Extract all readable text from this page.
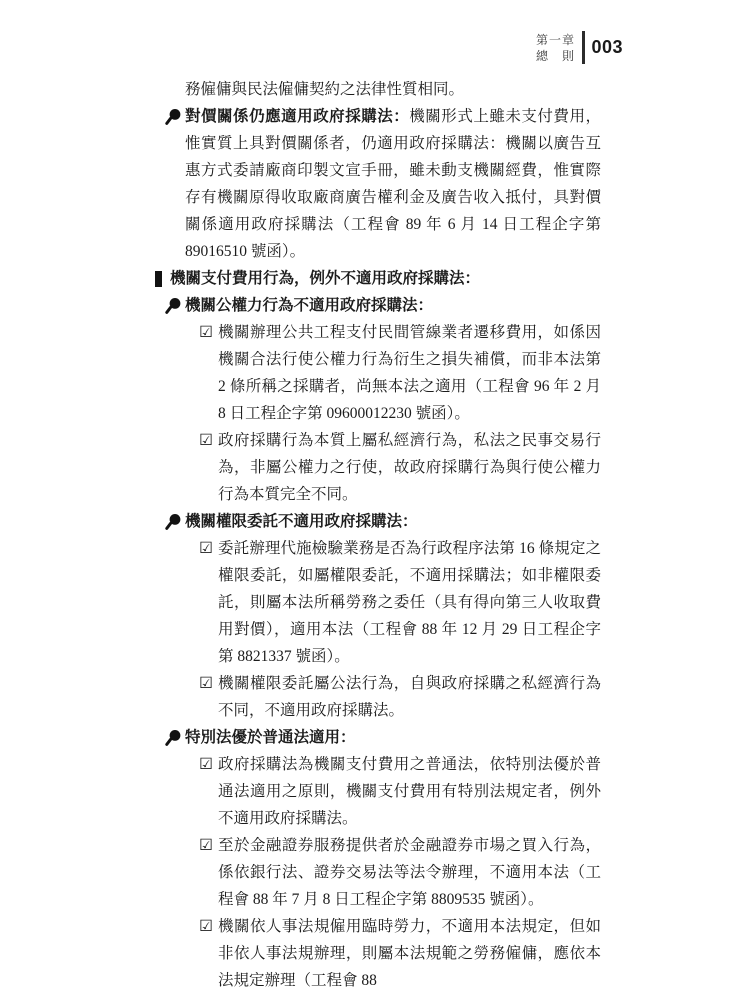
第一章
總　則 003
務僱傭與民法僱傭契約之法律性質相同。
對價關係仍應適用政府採購法：機關形式上雖未支付費用，惟實質上具對價關係者，仍適用政府採購法：機關以廣告互惠方式委請廠商印製文宣手冊，雖未動支機關經費，惟實際存有機關原得收取廠商廣告權利金及廣告收入抵付，具對價關係適用政府採購法（工程會 89 年 6 月 14 日工程企字第 89016510 號函）。
機關支付費用行為，例外不適用政府採購法：
機關公權力行為不適用政府採購法：
☑ 機關辦理公共工程支付民間管線業者遷移費用，如係因機關合法行使公權力行為衍生之損失補償，而非本法第 2 條所稱之採購者，尚無本法之適用（工程會 96 年 2 月 8 日工程企字第 09600012230 號函）。
☑ 政府採購行為本質上屬私經濟行為，私法之民事交易行為，非屬公權力之行使，故政府採購行為與行使公權力行為本質完全不同。
機關權限委託不適用政府採購法：
☑ 委託辦理代施檢驗業務是否為行政程序法第 16 條規定之權限委託，如屬權限委託，不適用採購法；如非權限委託，則屬本法所稱勞務之委任（具有得向第三人收取費用對價），適用本法（工程會 88 年 12 月 29 日工程企字第 8821337 號函）。
☑ 機關權限委託屬公法行為，自與政府採購之私經濟行為不同，不適用政府採購法。
特別法優於普通法適用：
☑ 政府採購法為機關支付費用之普通法，依特別法優於普通法適用之原則，機關支付費用有特別法規定者，例外不適用政府採購法。
☑ 至於金融證券服務提供者於金融證券市場之買入行為，係依銀行法、證券交易法等法令辦理，不適用本法（工程會 88 年 7 月 8 日工程企字第 8809535 號函）。
☑ 機關依人事法規僱用臨時勞力，不適用本法規定，但如非依人事法規辦理，則屬本法規範之勞務僱傭，應依本法規定辦理（工程會 88
